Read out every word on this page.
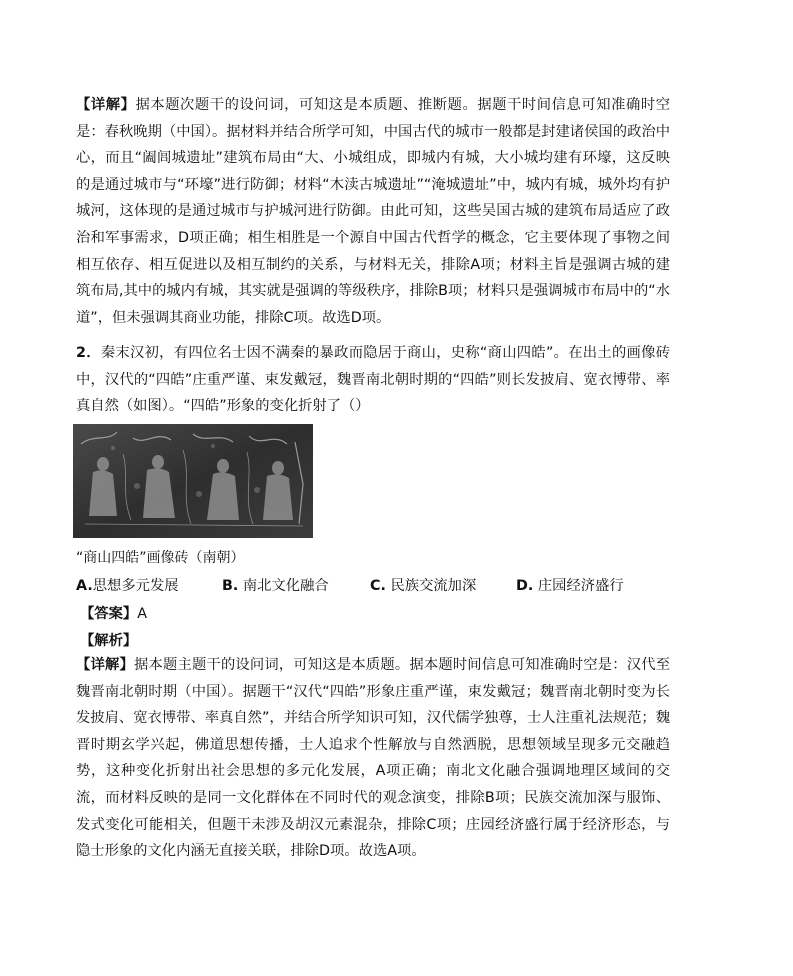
【详解】据本题次题干的设问词，可知这是本质题、推断题。据题干时间信息可知准确时空是：春秋晚期（中国）。据材料并结合所学可知，中国古代的城市一般都是封建诸侯国的政治中心，而且“阖闾城遗址”建筑布局由“大、小城组成，即城内有城，大小城均建有环壕，这反映的是通过城市与“环壕”进行防御；材料“木渎古城遗址”“淹城遗址”中，城内有城，城外均有护城河，这体现的是通过城市与护城河进行防御。由此可知，这些吴国古城的建筑布局适应了政治和军事需求，D项正确；相生相胜是一个源自中国古代哲学的概念，它主要体现了事物之间相互依存、相互促进以及相互制约的关系，与材料无关，排除A项；材料主旨是强调古城的建筑布局,其中的城内有城，其实就是强调的等级秩序，排除B项；材料只是强调城市布局中的“水道”，但未强调其商业功能，排除C项。故选D项。

2．秦末汉初，有四位名士因不满秦的暴政而隐居于商山，史称“商山四皓”。在出土的画像砖中，汉代的“四皓”庄重严谨、束发戴冠，魏晋南北朝时期的“四皓”则长发披肩、宽衣博带、率真自然（如图）。“四皓”形象的变化折射了（）

“商山四皓”画像砖（南朝）

A.思想多元发展	B. 南北文化融合	C. 民族交流加深	D. 庄园经济盛行

【答案】A

【解析】

【详解】据本题主题干的设问词，可知这是本质题。据本题时间信息可知准确时空是：汉代至魏晋南北朝时期（中国）。据题干“汉代“四皓”形象庄重严谨，束发戴冠；魏晋南北朝时变为长发披肩、宽衣博带、率真自然”，并结合所学知识可知，汉代儒学独尊，士人注重礼法规范；魏晋时期玄学兴起，佛道思想传播，士人追求个性解放与自然洒脱，思想领域呈现多元交融趋势，这种变化折射出社会思想的多元化发展，A项正确；南北文化融合强调地理区域间的交流，而材料反映的是同一文化群体在不同时代的观念演变，排除B项；民族交流加深与服饰、发式变化可能相关，但题干未涉及胡汉元素混杂，排除C项；庄园经济盛行属于经济形态，与隐士形象的文化内涵无直接关联，排除D项。故选A项。
